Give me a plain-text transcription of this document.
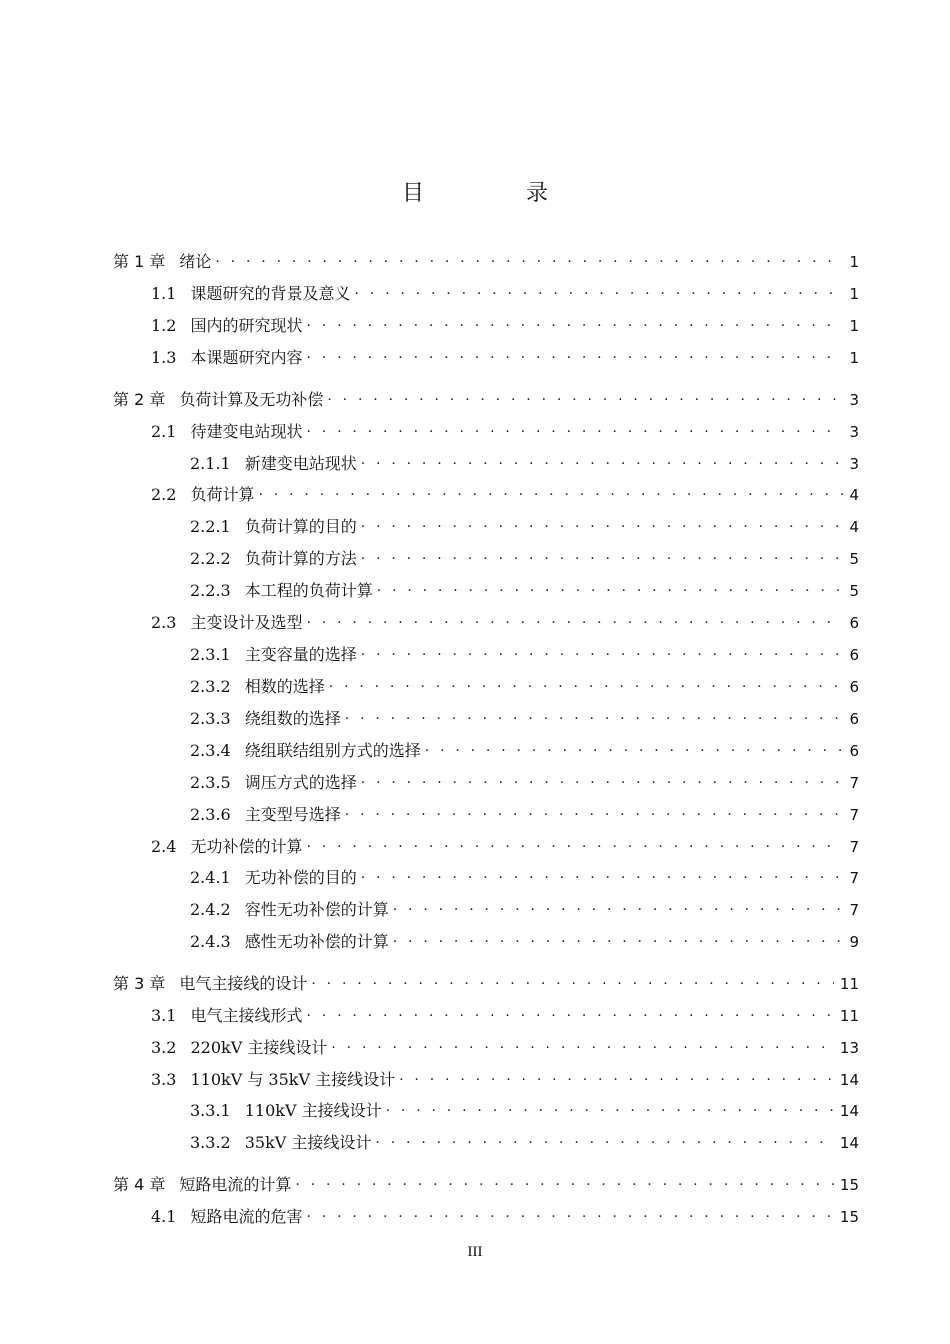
目　录
第 1 章 绪论 . . .	1
1.1 课题研究的背景及意义 . . .	1
1.2 国内的研究现状 . . .	1
1.3 本课题研究内容 . . .	1
第 2 章 负荷计算及无功补偿 . . .	3
2.1 待建变电站现状 . . .	3
2.1.1 新建变电站现状 . . .	3
2.2 负荷计算 . . .	4
2.2.1 负荷计算的目的 . . .	4
2.2.2 负荷计算的方法 . . .	5
2.2.3 本工程的负荷计算 . . .	5
2.3 主变设计及选型 . . .	6
2.3.1 主变容量的选择 . . .	6
2.3.2 相数的选择 . . .	6
2.3.3 绕组数的选择 . . .	6
2.3.4 绕组联结组别方式的选择 . . .	6
2.3.5 调压方式的选择 . . .	7
2.3.6 主变型号选择 . . .	7
2.4 无功补偿的计算 . . .	7
2.4.1 无功补偿的目的 . . .	7
2.4.2 容性无功补偿的计算 . . .	7
2.4.3 感性无功补偿的计算 . . .	9
第 3 章 电气主接线的设计 . . .	11
3.1 电气主接线形式 . . .	11
3.2 220kV 主接线设计 . . .	13
3.3 110kV 与 35kV 主接线设计 . . .	14
3.3.1 110kV 主接线设计 . . .	14
3.3.2 35kV 主接线设计 . . .	14
第 4 章 短路电流的计算 . . .	15
4.1 短路电流的危害 . . .	15
III
